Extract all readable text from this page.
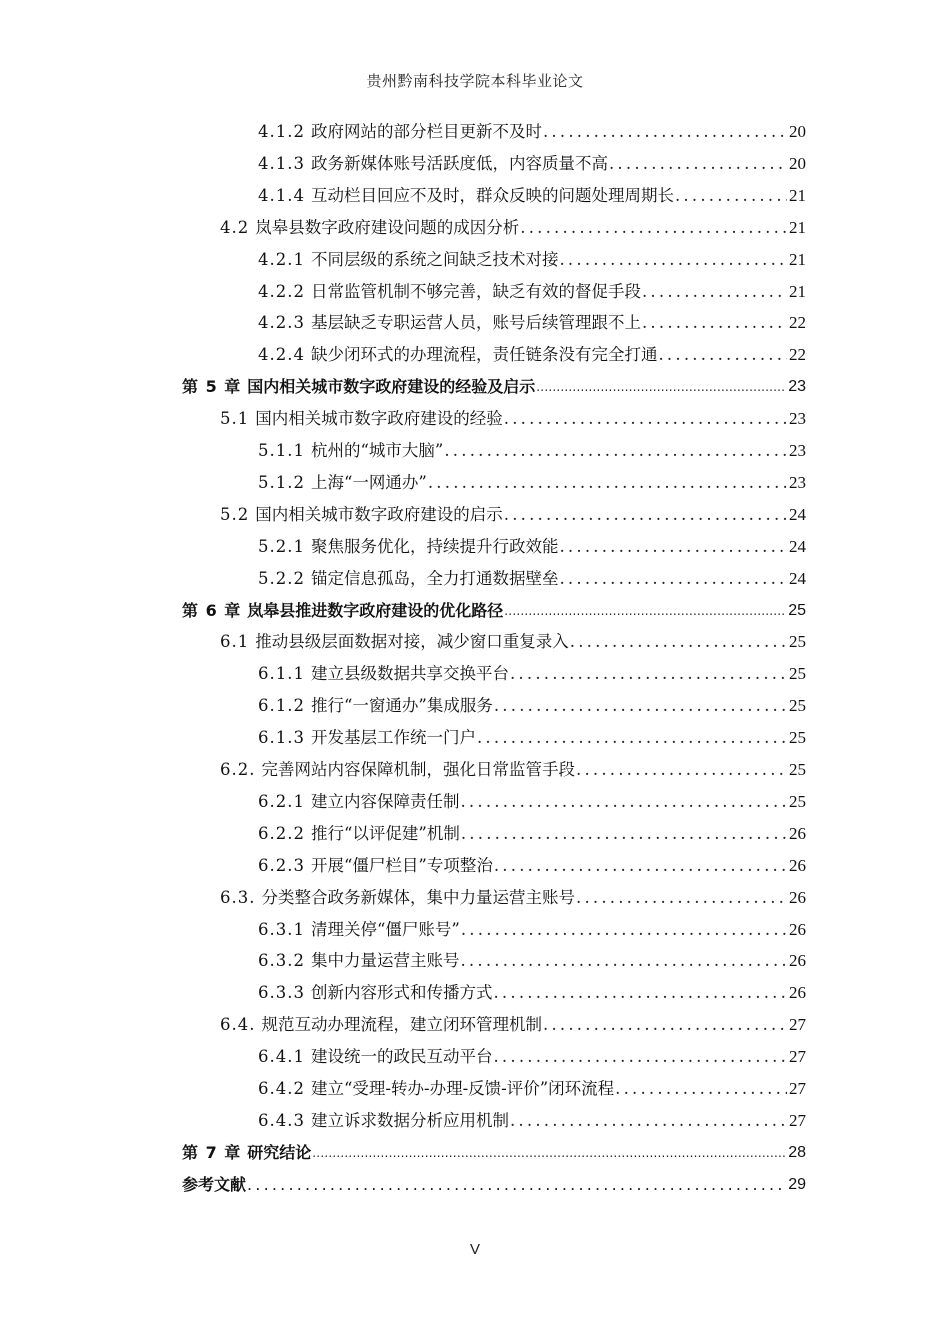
贵州黔南科技学院本科毕业论文
4.1.2 政府网站的部分栏目更新不及时 .....	20
4.1.3 政务新媒体账号活跃度低，内容质量不高 .....	20
4.1.4 互动栏目回应不及时，群众反映的问题处理周期长 .....	21
4.2 岚皋县数字政府建设问题的成因分析 .....	21
4.2.1 不同层级的系统之间缺乏技术对接 .....	21
4.2.2 日常监管机制不够完善，缺乏有效的督促手段 .....	21
4.2.3 基层缺乏专职运营人员，账号后续管理跟不上 .....	22
4.2.4 缺少闭环式的办理流程，责任链条没有完全打通 .....	22
第 5 章 国内相关城市数字政府建设的经验及启示 .....	23
5.1 国内相关城市数字政府建设的经验 .....	23
5.1.1 杭州的“城市大脑” .....	23
5.1.2 上海“一网通办” .....	23
5.2 国内相关城市数字政府建设的启示 .....	24
5.2.1 聚焦服务优化，持续提升行政效能 .....	24
5.2.2 锚定信息孤岛，全力打通数据壁垒 .....	24
第 6 章 岚皋县推进数字政府建设的优化路径 .....	25
6.1 推动县级层面数据对接，减少窗口重复录入 .....	25
6.1.1 建立县级数据共享交换平台 .....	25
6.1.2 推行“一窗通办”集成服务 .....	25
6.1.3 开发基层工作统一门户 .....	25
6.2. 完善网站内容保障机制，强化日常监管手段 .....	25
6.2.1 建立内容保障责任制 .....	25
6.2.2 推行“以评促建”机制 .....	26
6.2.3 开展“僵尸栏目”专项整治 .....	26
6.3. 分类整合政务新媒体，集中力量运营主账号 .....	26
6.3.1 清理关停“僵尸账号” .....	26
6.3.2 集中力量运营主账号 .....	26
6.3.3 创新内容形式和传播方式 .....	26
6.4. 规范互动办理流程，建立闭环管理机制 .....	27
6.4.1 建设统一的政民互动平台 .....	27
6.4.2 建立“受理-转办-办理-反馈-评价”闭环流程 .....	27
6.4.3 建立诉求数据分析应用机制 .....	27
第 7 章 研究结论 .....	28
参考文献 .....	29
V
